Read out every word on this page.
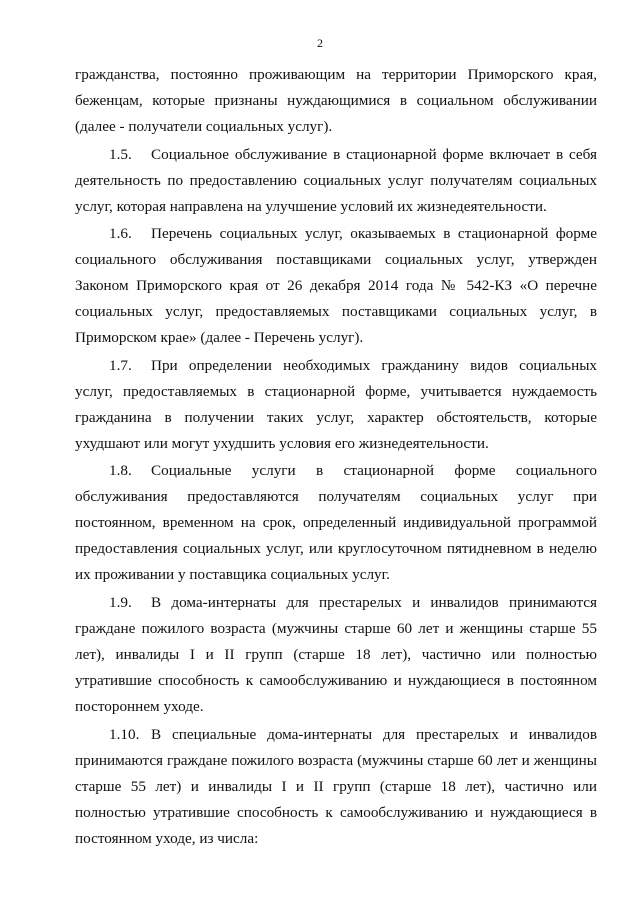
2

гражданства, постоянно проживающим на территории Приморского края, беженцам, которые признаны нуждающимися в социальном обслуживании (далее - получатели социальных услуг).

1.5. Социальное обслуживание в стационарной форме включает в себя деятельность по предоставлению социальных услуг получателям социальных услуг, которая направлена на улучшение условий их жизнедеятельности.

1.6. Перечень социальных услуг, оказываемых в стационарной форме социального обслуживания поставщиками социальных услуг, утвержден Законом Приморского края от 26 декабря 2014 года № 542-КЗ «О перечне социальных услуг, предоставляемых поставщиками социальных услуг, в Приморском крае» (далее - Перечень услуг).

1.7. При определении необходимых гражданину видов социальных услуг, предоставляемых в стационарной форме, учитывается нуждаемость гражданина в получении таких услуг, характер обстоятельств, которые ухудшают или могут ухудшить условия его жизнедеятельности.

1.8. Социальные услуги в стационарной форме социального обслуживания предоставляются получателям социальных услуг при постоянном, временном на срок, определенный индивидуальной программой предоставления социальных услуг, или круглосуточном пятидневном в неделю их проживании у поставщика социальных услуг.

1.9. В дома-интернаты для престарелых и инвалидов принимаются граждане пожилого возраста (мужчины старше 60 лет и женщины старше 55 лет), инвалиды I и II групп (старше 18 лет), частично или полностью утратившие способность к самообслуживанию и нуждающиеся в постоянном постороннем уходе.

1.10. В специальные дома-интернаты для престарелых и инвалидов принимаются граждане пожилого возраста (мужчины старше 60 лет и женщины старше 55 лет) и инвалиды I и II групп (старше 18 лет), частично или полностью утратившие способность к самообслуживанию и нуждающиеся в постоянном уходе, из числа:
